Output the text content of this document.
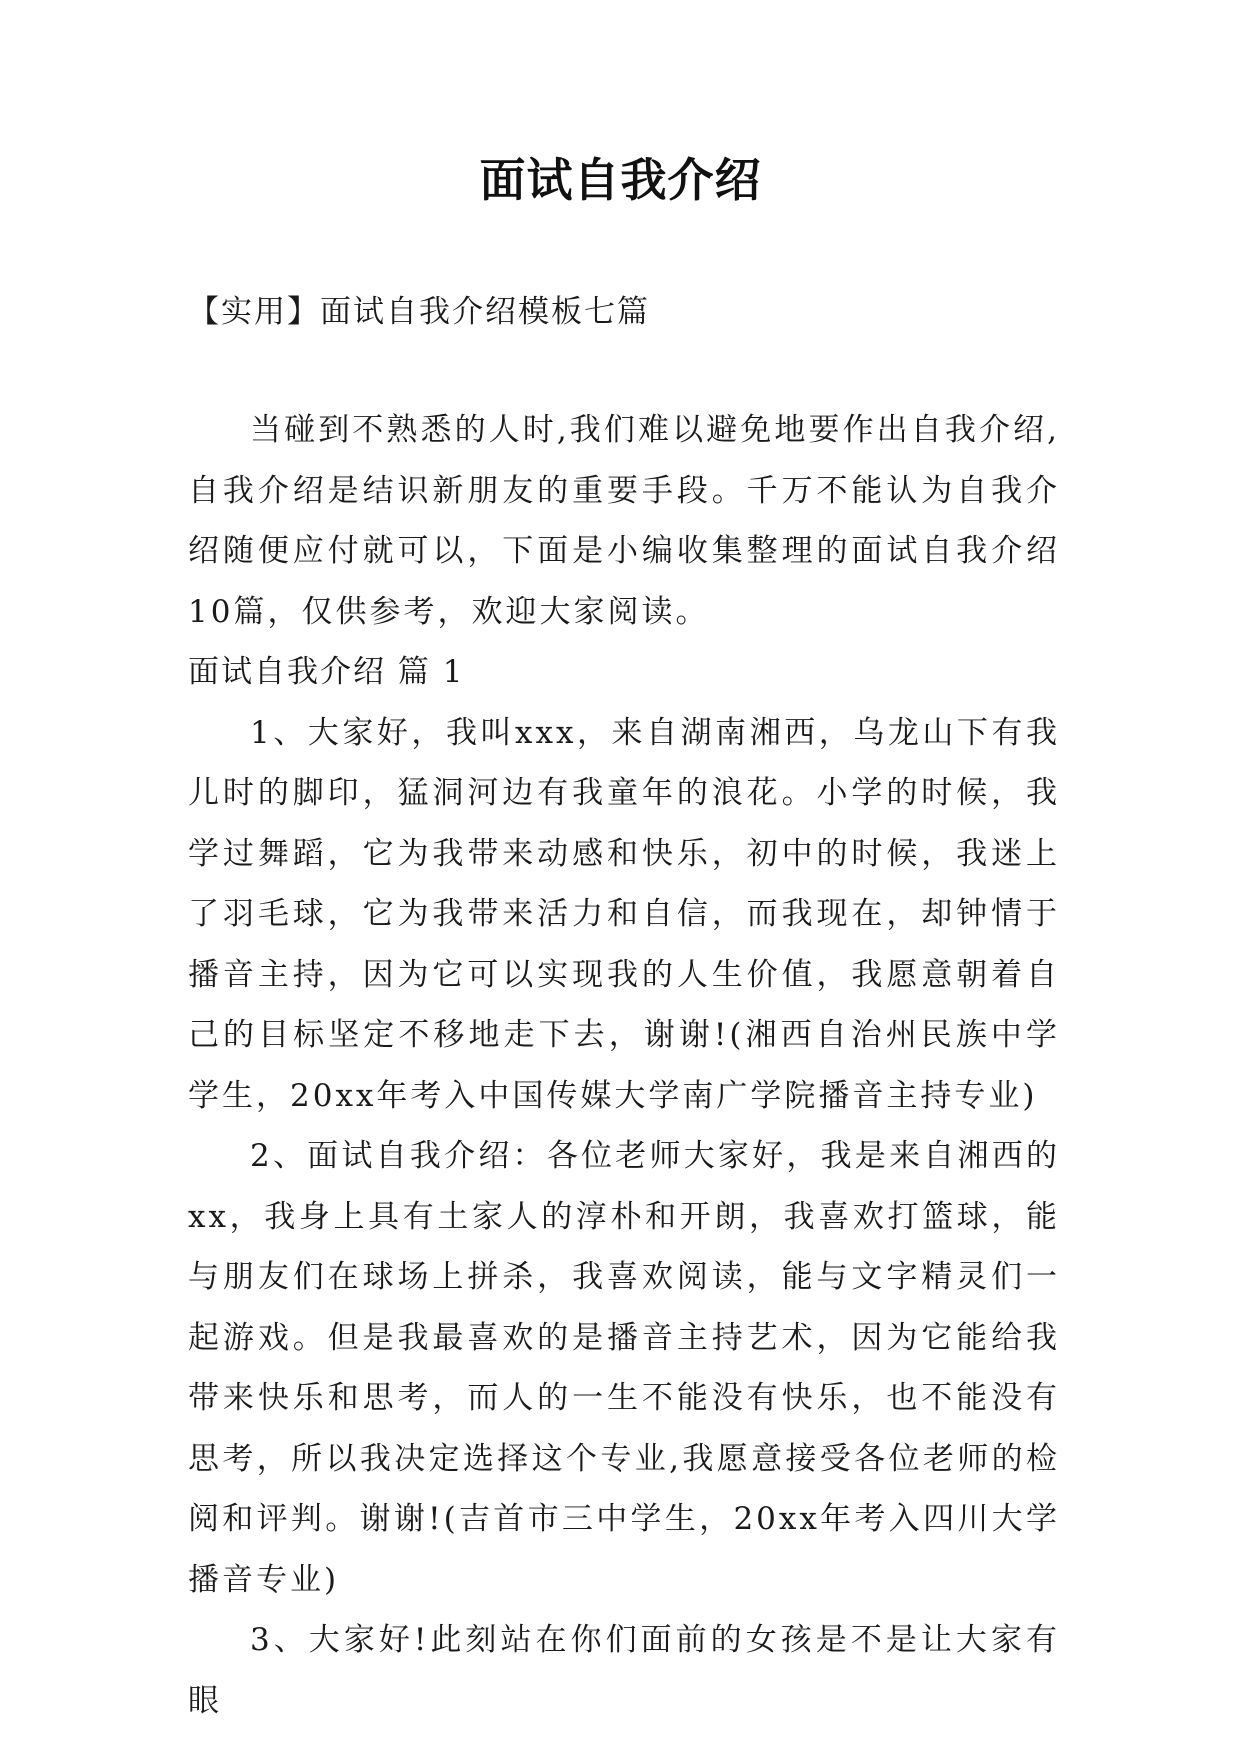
面试自我介绍
【实用】面试自我介绍模板七篇

当碰到不熟悉的人时,我们难以避免地要作出自我介绍,自我介绍是结识新朋友的重要手段。千万不能认为自我介绍随便应付就可以，下面是小编收集整理的面试自我介绍10篇，仅供参考，欢迎大家阅读。

面试自我介绍 篇 1

1、大家好，我叫xxx，来自湖南湘西，乌龙山下有我儿时的脚印，猛洞河边有我童年的浪花。小学的时候，我学过舞蹈，它为我带来动感和快乐，初中的时候，我迷上了羽毛球，它为我带来活力和自信，而我现在，却钟情于播音主持，因为它可以实现我的人生价值，我愿意朝着自己的目标坚定不移地走下去，谢谢!(湘西自治州民族中学学生，20xx年考入中国传媒大学南广学院播音主持专业)

2、面试自我介绍：各位老师大家好，我是来自湘西的xx，我身上具有土家人的淳朴和开朗，我喜欢打篮球，能与朋友们在球场上拼杀，我喜欢阅读，能与文字精灵们一起游戏。但是我最喜欢的是播音主持艺术，因为它能给我带来快乐和思考，而人的一生不能没有快乐，也不能没有思考，所以我决定选择这个专业,我愿意接受各位老师的检阅和评判。谢谢!(吉首市三中学生，20xx年考入四川大学播音专业)

3、大家好!此刻站在你们面前的女孩是不是让大家有眼
